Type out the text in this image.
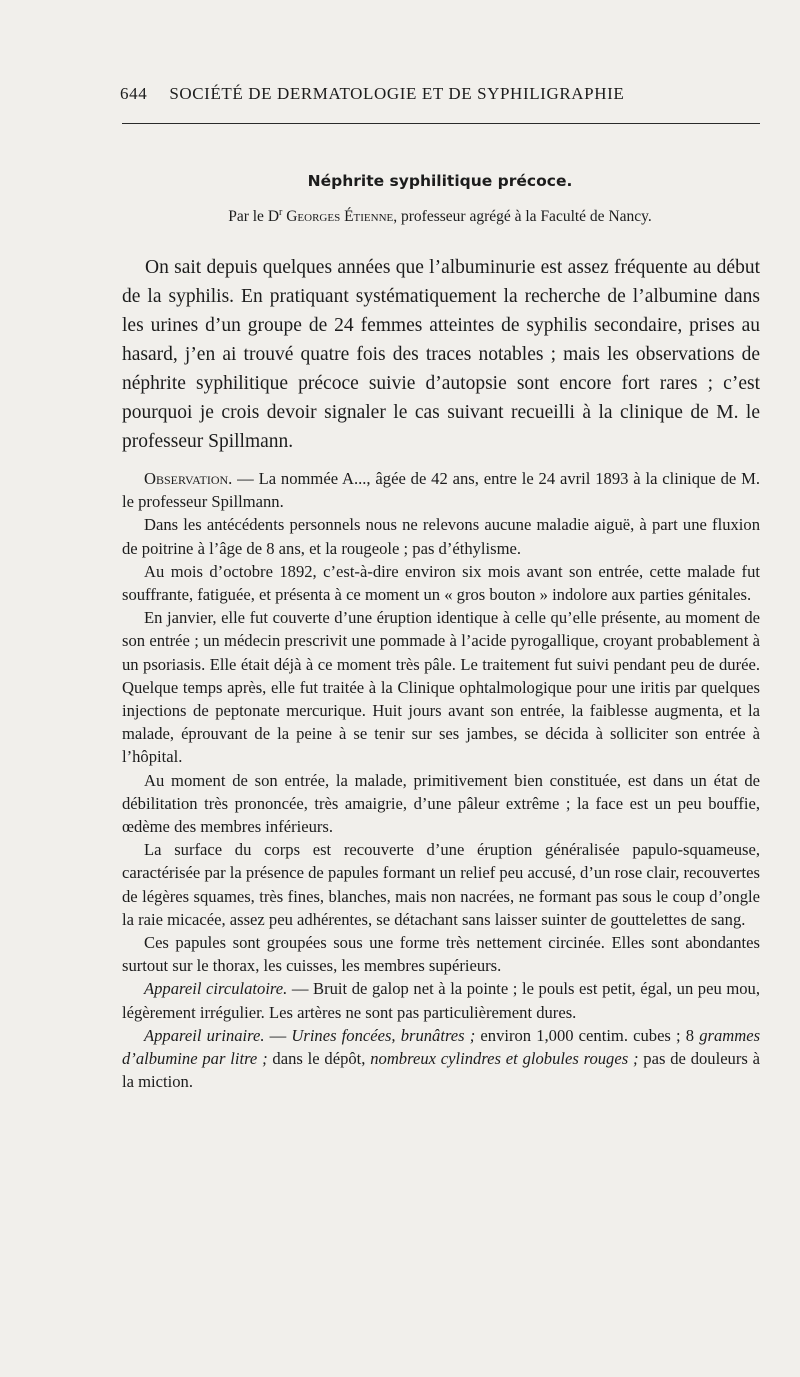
644 SOCIÉTÉ DE DERMATOLOGIE ET DE SYPHILIGRAPHIE
Néphrite syphilitique précoce.
Par le $D^r$ Georges Étienne, professeur agrégé à la Faculté de Nancy.

On sait depuis quelques années que l’albuminurie est assez fréquente au début de la syphilis. En pratiquant systématiquement la recherche de l’albumine dans les urines d’un groupe de 24 femmes atteintes de syphilis secondaire, prises au hasard, j’en ai trouvé quatre fois des traces notables ; mais les observations de néphrite syphilitique précoce suivie d’autopsie sont encore fort rares ; c’est pourquoi je crois devoir signaler le cas suivant recueilli à la clinique de M. le professeur Spillmann.

Observation. — La nommée A..., âgée de 42 ans, entre le 24 avril 1893 à la clinique de M. le professeur Spillmann.

Dans les antécédents personnels nous ne relevons aucune maladie aiguë, à part une fluxion de poitrine à l’âge de 8 ans, et la rougeole ; pas d’éthylisme.

Au mois d’octobre 1892, c’est-à-dire environ six mois avant son entrée, cette malade fut souffrante, fatiguée, et présenta à ce moment un « gros bouton » indolore aux parties génitales.

En janvier, elle fut couverte d’une éruption identique à celle qu’elle présente, au moment de son entrée ; un médecin prescrivit une pommade à l’acide pyrogallique, croyant probablement à un psoriasis. Elle était déjà à ce moment très pâle. Le traitement fut suivi pendant peu de durée. Quelque temps après, elle fut traitée à la Clinique ophtalmologique pour une iritis par quelques injections de peptonate mercurique. Huit jours avant son entrée, la faiblesse augmenta, et la malade, éprouvant de la peine à se tenir sur ses jambes, se décida à solliciter son entrée à l’hôpital.

Au moment de son entrée, la malade, primitivement bien constituée, est dans un état de débilitation très prononcée, très amaigrie, d’une pâleur extrême ; la face est un peu bouffie, œdème des membres inférieurs.

La surface du corps est recouverte d’une éruption généralisée papulo-squameuse, caractérisée par la présence de papules formant un relief peu accusé, d’un rose clair, recouvertes de légères squames, très fines, blanches, mais non nacrées, ne formant pas sous le coup d’ongle la raie micacée, assez peu adhérentes, se détachant sans laisser suinter de gouttelettes de sang.

Ces papules sont groupées sous une forme très nettement circinée. Elles sont abondantes surtout sur le thorax, les cuisses, les membres supérieurs.

Appareil circulatoire. — Bruit de galop net à la pointe ; le pouls est petit, égal, un peu mou, légèrement irrégulier. Les artères ne sont pas particulièrement dures.

Appareil urinaire. — Urines foncées, brunâtres ; environ 1,000 centim. cubes ; 8 grammes d’albumine par litre ; dans le dépôt, nombreux cylindres et globules rouges ; pas de douleurs à la miction.
